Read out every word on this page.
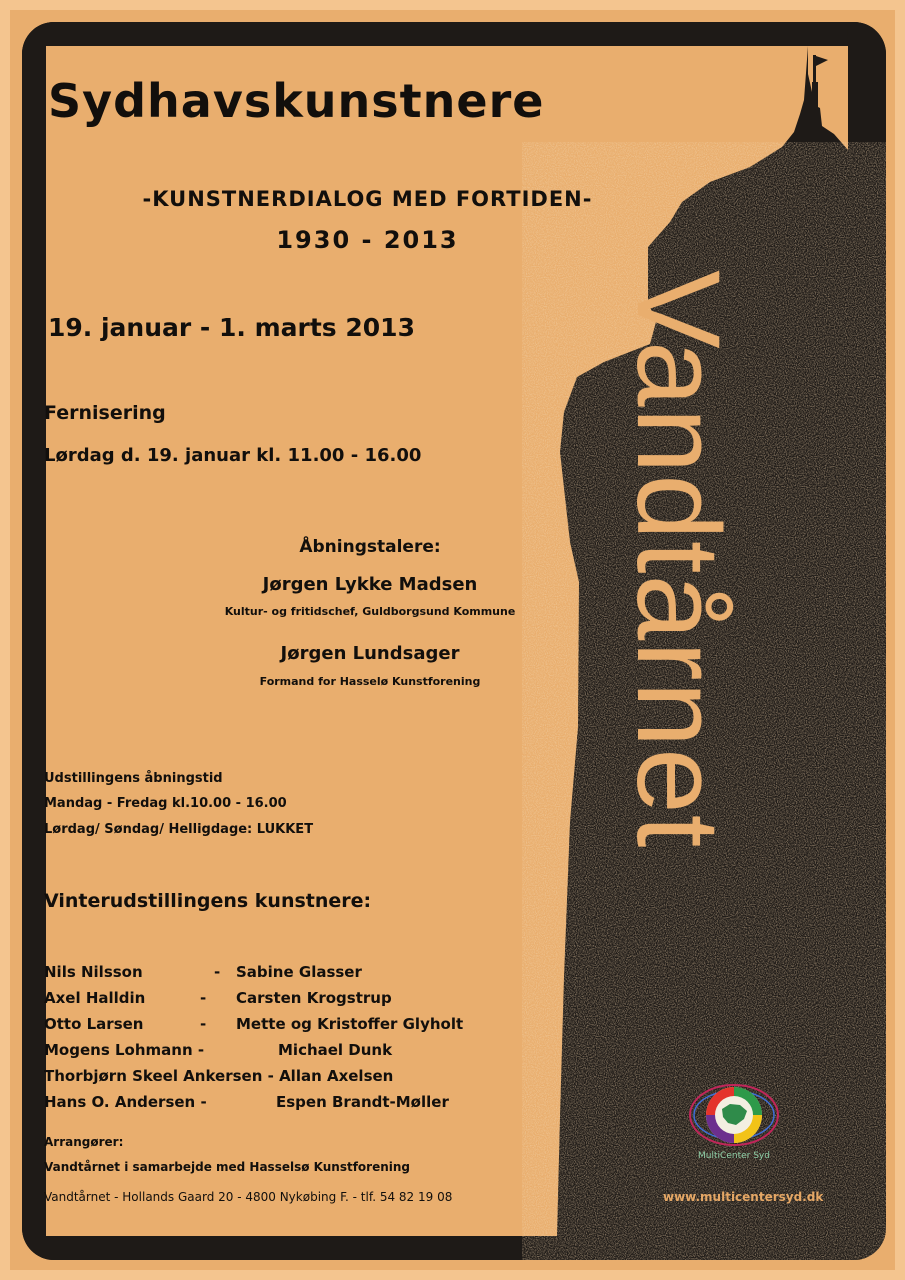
Sydhavskunstnere

-KUNSTNERDIALOG MED FORTIDEN-

1930 - 2013

19. januar - 1. marts 2013

Fernisering

Lørdag d. 19. januar kl. 11.00 - 16.00

Åbningstalere:

Jørgen Lykke Madsen

Kultur- og fritidschef, Guldborgsund Kommune

Jørgen Lundsager

Formand for Hasselø Kunstforening

Udstillingens åbningstid

Mandag - Fredag kl.10.00 - 16.00

Lørdag/ Søndag/ Helligdage: LUKKET

Vinterudstillingens kunstnere:

Nils Nilsson	- Sabine Glasser
Axel Halldin	- Carsten Krogstrup
Otto Larsen	- Mette og Kristoffer Glyholt
Mogens Lohmann -	Michael Dunk
Thorbjørn Skeel Ankersen - Allan Axelsen
Hans O. Andersen -	Espen Brandt-Møller

Arrangører:

Vandtårnet i samarbejde med Hasselsø Kunstforening

Vandtårnet - Hollands Gaard 20 - 4800 Nykøbing F. - tlf. 54 82 19 08	www.multicentersyd.dk

Vandtårnet

MultiCenter Syd
